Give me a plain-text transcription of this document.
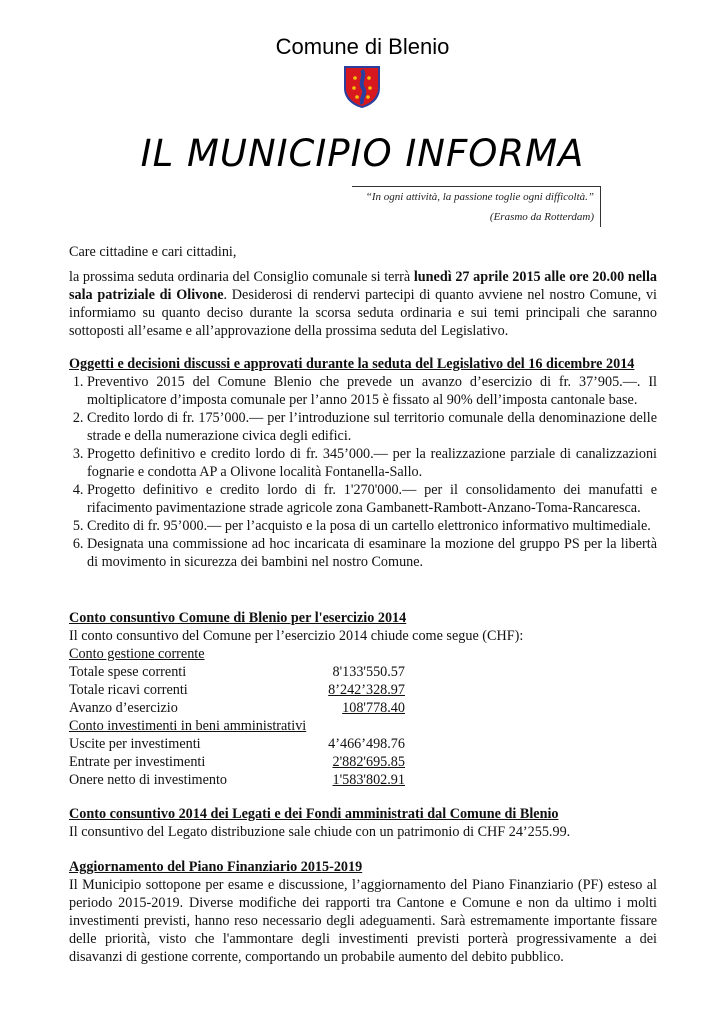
Comune di Blenio
IL MUNICIPIO INFORMA
“In ogni attività, la passione toglie ogni difficoltà.”
(Erasmo da Rotterdam)
Care cittadine e cari cittadini,
la prossima seduta ordinaria del Consiglio comunale si terrà lunedì 27 aprile 2015 alle ore 20.00 nella sala patriziale di Olivone. Desiderosi di rendervi partecipi di quanto avviene nel nostro Comune, vi informiamo su quanto deciso durante la scorsa seduta ordinaria e sui temi principali che saranno sottoposti all’esame e all’approvazione della prossima seduta del Legislativo.
Oggetti e decisioni discussi e approvati durante la seduta del Legislativo del 16 dicembre 2014
1. Preventivo 2015 del Comune Blenio che prevede un avanzo d’esercizio di fr. 37’905.—. Il moltiplicatore d’imposta comunale per l’anno 2015 è fissato al 90% dell’imposta cantonale base.
2. Credito lordo di fr. 175’000.— per l’introduzione sul territorio comunale della denominazione delle strade e della numerazione civica degli edifici.
3. Progetto definitivo e credito lordo di fr. 345’000.— per la realizzazione parziale di canalizzazioni fognarie e condotta AP a Olivone località Fontanella-Sallo.
4. Progetto definitivo e credito lordo di fr. 1'270'000.— per il consolidamento dei manufatti e rifacimento pavimentazione strade agricole zona Gambanett-Rambott-Anzano-Toma-Rancaresca.
5. Credito di fr. 95’000.— per l’acquisto e la posa di un cartello elettronico informativo multimediale.
6. Designata una commissione ad hoc incaricata di esaminare la mozione del gruppo PS per la libertà di movimento in sicurezza dei bambini nel nostro Comune.
Conto consuntivo Comune di Blenio per l'esercizio 2014
Il conto consuntivo del Comune per l’esercizio 2014 chiude come segue (CHF):
Conto gestione corrente
Totale spese correnti	8'133'550.57
Totale ricavi correnti	8’242’328.97
Avanzo d’esercizio	108'778.40
Conto investimenti in beni amministrativi
Uscite per investimenti	4’466’498.76
Entrate per investimenti	2'882'695.85
Onere netto di investimento	1'583'802.91
Conto consuntivo 2014 dei Legati e dei Fondi amministrati dal Comune di Blenio
Il consuntivo del Legato distribuzione sale chiude con un patrimonio di CHF 24’255.99.
Aggiornamento del Piano Finanziario 2015-2019
Il Municipio sottopone per esame e discussione, l’aggiornamento del Piano Finanziario (PF) esteso al periodo 2015-2019. Diverse modifiche dei rapporti tra Cantone e Comune e non da ultimo i molti investimenti previsti, hanno reso necessario degli adeguamenti. Sarà estremamente importante fissare delle priorità, visto che l'ammontare degli investimenti previsti porterà progressivamente a dei disavanzi di gestione corrente, comportando un probabile aumento del debito pubblico.
